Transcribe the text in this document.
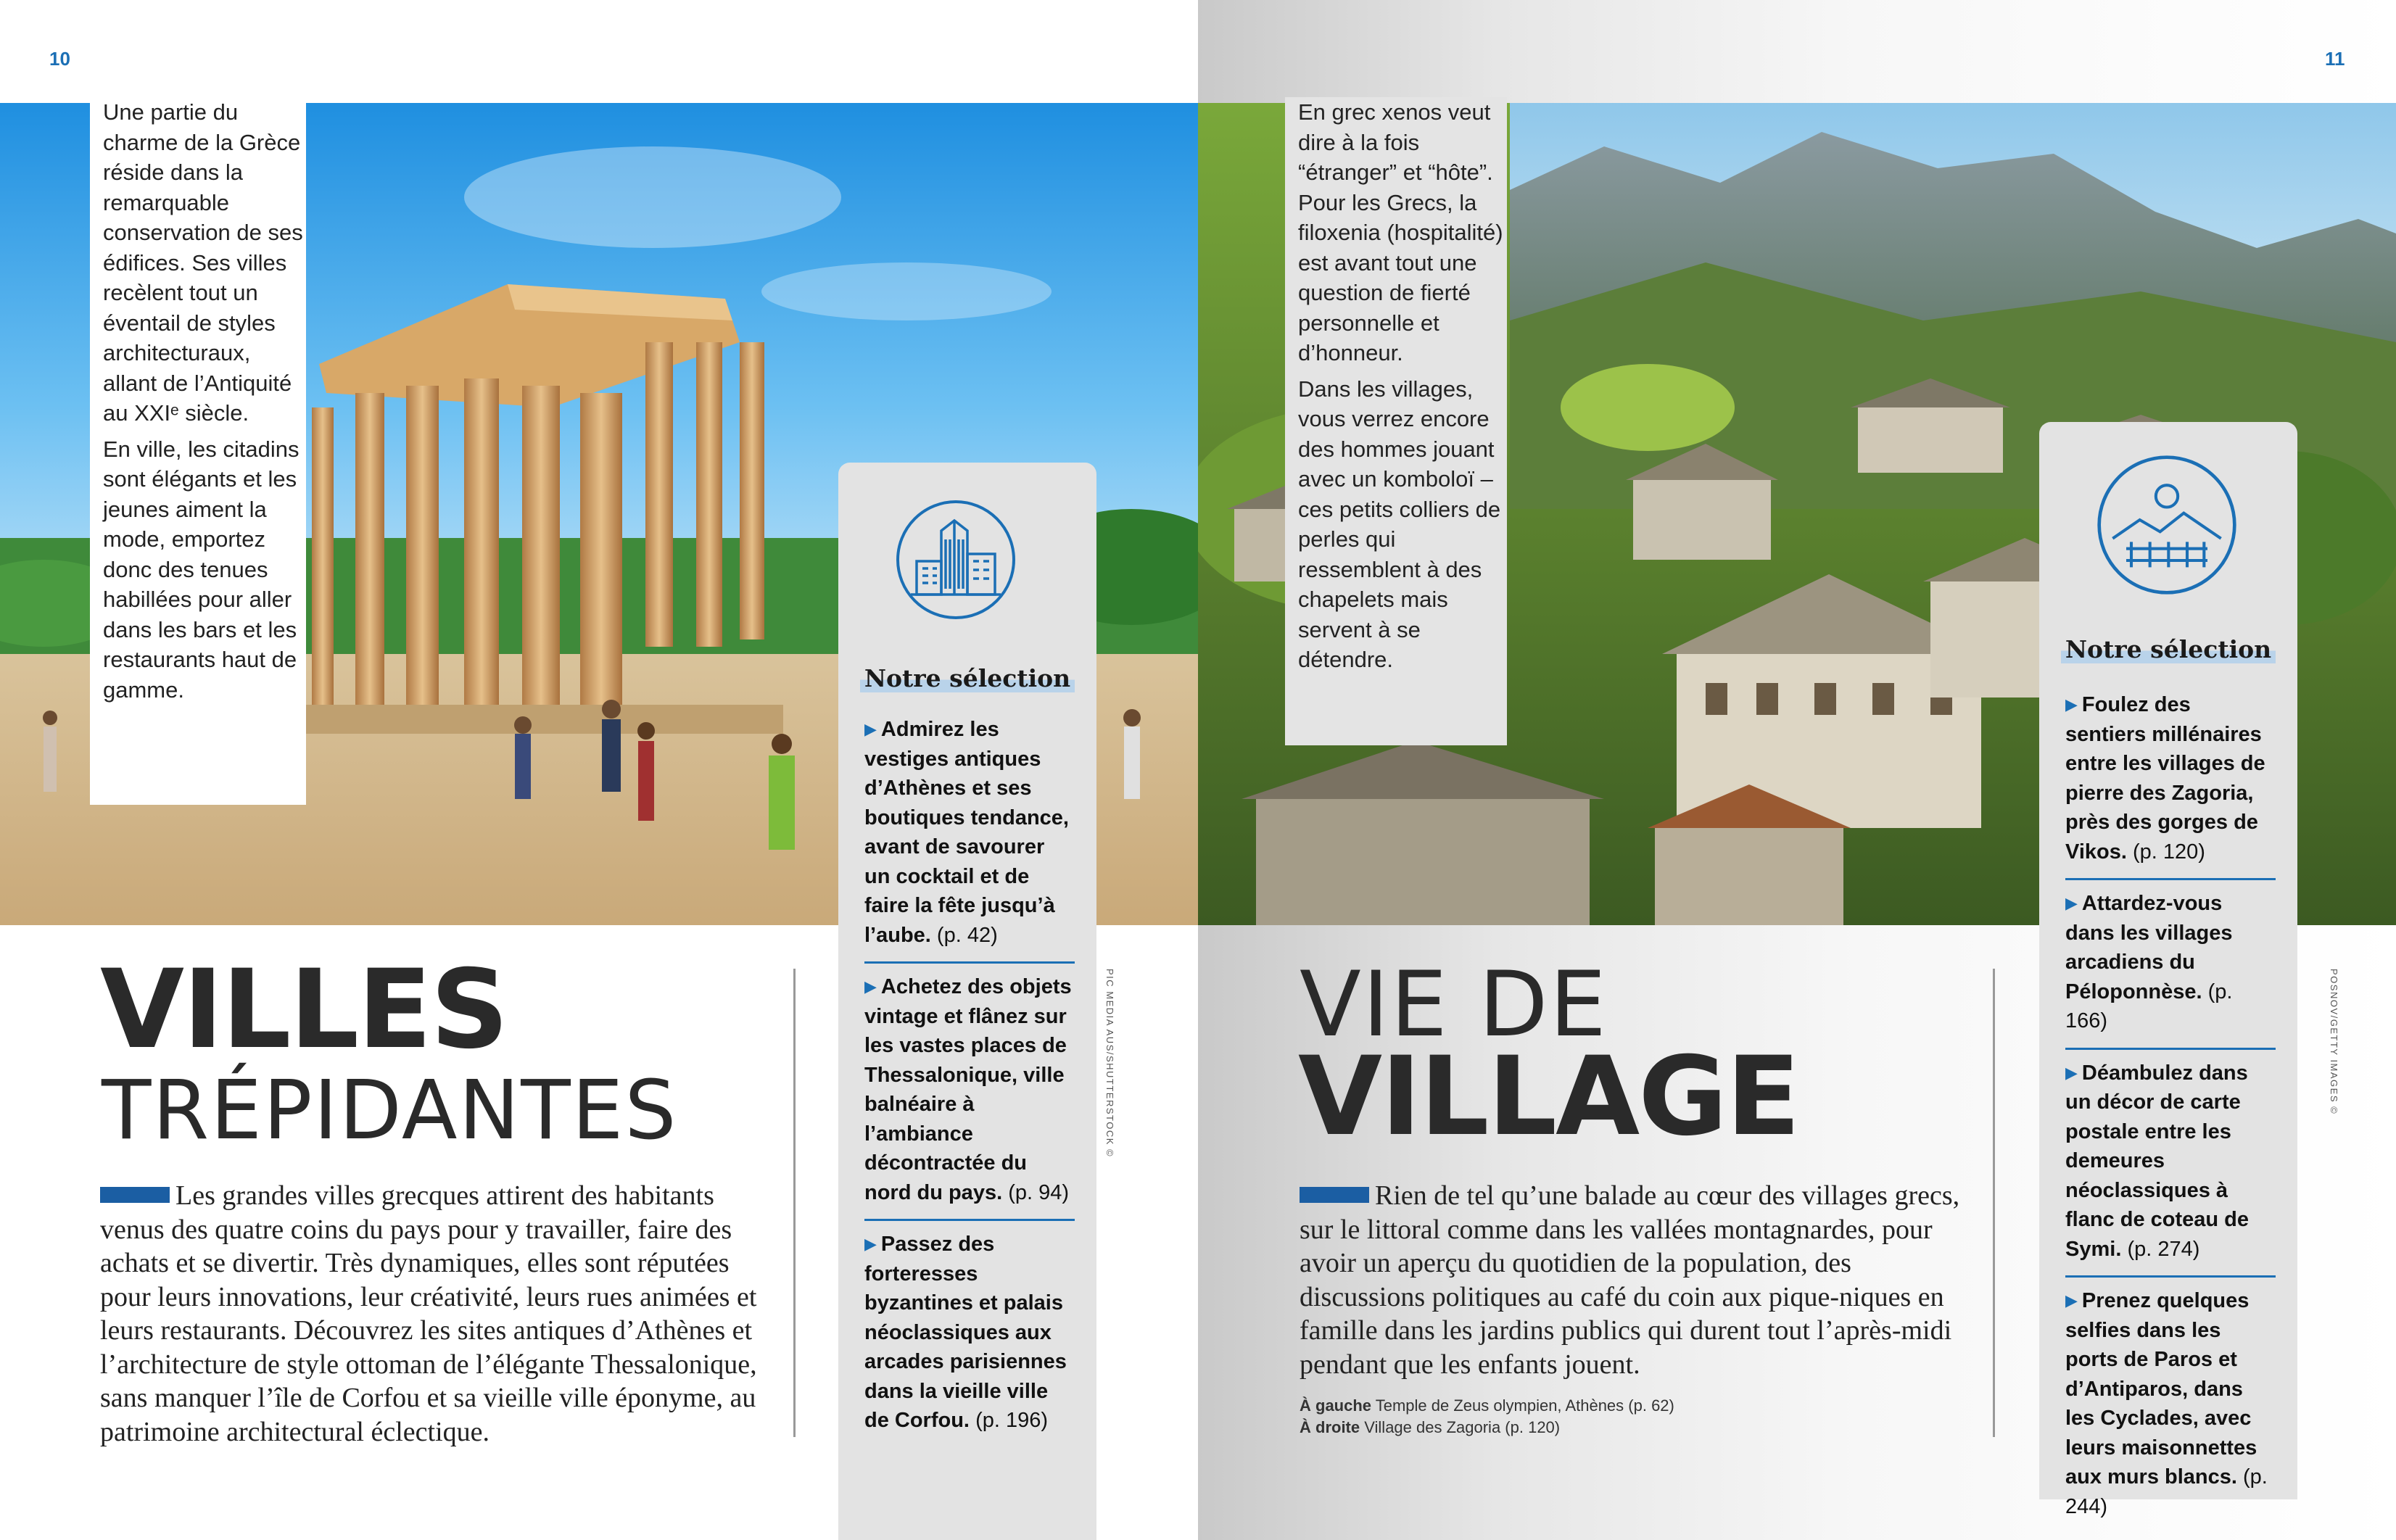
10

Une partie du charme de la Grèce réside dans la remarquable conservation de ses édifices. Ses villes recèlent tout un éventail de styles architecturaux, allant de l’Antiquité au XXIᵉ siècle.

En ville, les citadins sont élégants et les jeunes aiment la mode, emportez donc des tenues habillées pour aller dans les bars et les restaurants haut de gamme.	Notre sélection
▶ Admirez les vestiges antiques d’Athènes et ses boutiques tendance, avant de savourer un cocktail et de faire la fête jusqu’à l’aube. (p. 42)
▶ Achetez des objets vintage et flânez sur les vastes places de Thessalonique, ville balnéaire à l’ambiance décontractée du nord du pays. (p. 94)
▶ Passez des forteresses byzantines et palais néoclassiques aux arcades parisiennes dans la vieille ville de Corfou. (p. 196)
VILLES
TRÉPIDANTES
Les grandes villes grecques attirent des habitants venus des quatre coins du pays pour y travailler, faire des achats et se divertir. Très dynamiques, elles sont réputées pour leurs innovations, leur créativité, leurs rues animées et leurs restaurants. Découvrez les sites antiques d’Athènes et l’architecture de style ottoman de l’élégante Thessalonique, sans manquer l’île de Corfou et sa vieille ville éponyme, au patrimoine architectural éclectique.
PIC MEDIA AUS/SHUTTERSTOCK ©
11

En grec xenos veut dire à la fois “étranger” et “hôte”. Pour les Grecs, la filoxenia (hospitalité) est avant tout une question de fierté personnelle et d’honneur.

Dans les villages, vous verrez encore des hommes jouant avec un komboloï – ces petits colliers de perles qui ressemblent à des chapelets mais servent à se détendre.	Notre sélection
▶ Foulez des sentiers millénaires entre les villages de pierre des Zagoria, près des gorges de Vikos. (p. 120)
▶ Attardez-vous dans les villages arcadiens du Péloponnèse. (p. 166)
▶ Déambulez dans un décor de carte postale entre les demeures néoclassiques à flanc de coteau de Symi. (p. 274)
▶ Prenez quelques selfies dans les ports de Paros et d’Antiparos, dans les Cyclades, avec leurs maisonnettes aux murs blancs. (p. 244)
VIE DE
VILLAGE
Rien de tel qu’une balade au cœur des villages grecs, sur le littoral comme dans les vallées montagnardes, pour avoir un aperçu du quotidien de la population, des discussions politiques au café du coin aux pique-niques en famille dans les jardins publics qui durent tout l’après-midi pendant que les enfants jouent.
À gauche Temple de Zeus olympien, Athènes (p. 62)
À droite Village des Zagoria (p. 120)
POSNOV/GETTY IMAGES ©
